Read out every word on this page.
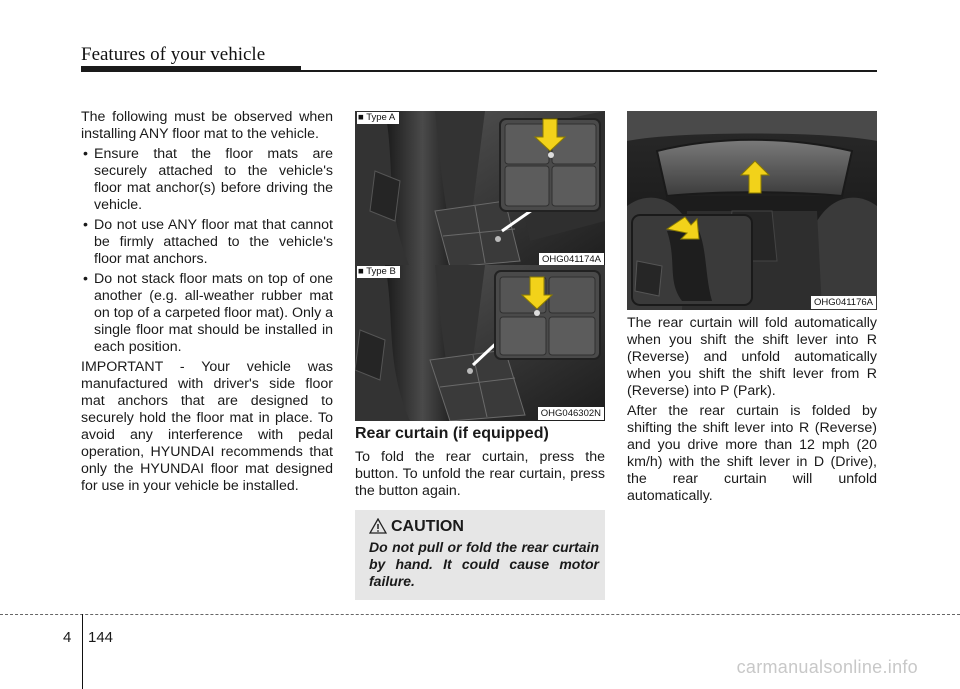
Features of your vehicle

The following must be observed when installing ANY floor mat to the vehicle.

• Ensure that the floor mats are securely attached to the vehicle's floor mat anchor(s) before driving the vehicle.
• Do not use ANY floor mat that cannot be firmly attached to the vehicle's floor mat anchors.
• Do not stack floor mats on top of one another (e.g. all-weather rubber mat on top of a carpeted floor mat). Only a single floor mat should be installed in each position.

IMPORTANT - Your vehicle was manufactured with driver's side floor mat anchors that are designed to securely hold the floor mat in place. To avoid any interference with pedal operation, HYUNDAI recommends that only the HYUNDAI floor mat designed for use in your vehicle be installed.

■ Type A
OHG041174A
■ Type B
OHG046302N
Rear curtain (if equipped)

To fold the rear curtain, press the button. To unfold the rear curtain, press the button again.

CAUTION
Do not pull or fold the rear curtain by hand. It could cause motor failure.
OHG041176A

The rear curtain will fold automatically when you shift the shift lever into R (Reverse) and unfold automatically when you shift the shift lever from R (Reverse) into P (Park).

After the rear curtain is folded by shifting the shift lever into R (Reverse) and you drive more than 12 mph (20 km/h) with the shift lever in D (Drive), the rear curtain will unfold automatically.

4 144
carmanualsonline.info
